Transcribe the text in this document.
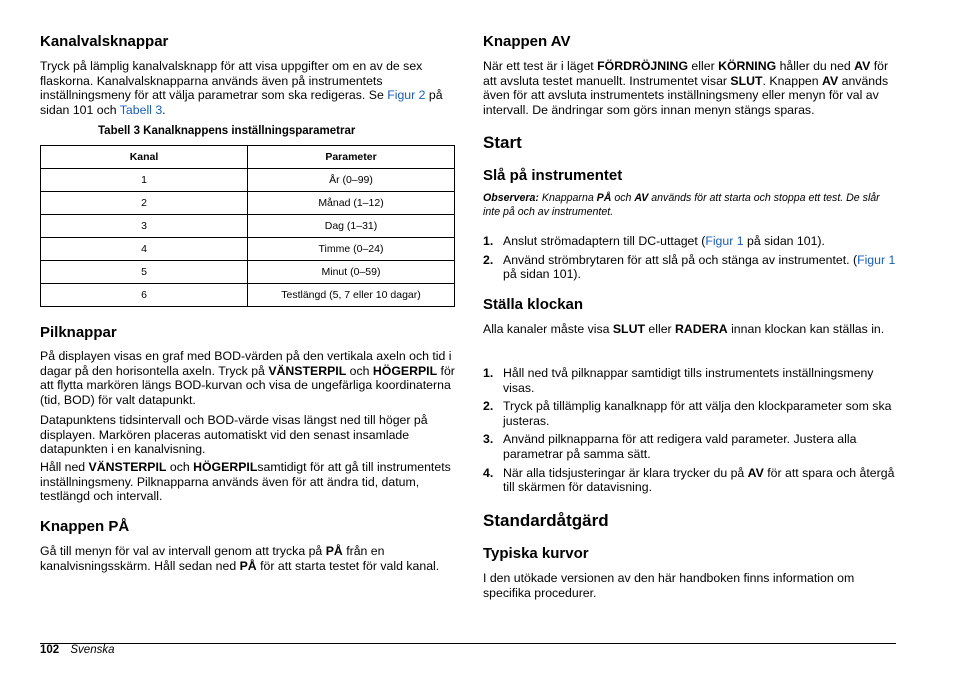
Kanalvalsknappar

Tryck på lämplig kanalvalsknapp för att visa uppgifter om en av de sex flaskorna. Kanalvalsknapparna används även på instrumentets inställningsmeny för att välja parametrar som ska redigeras. Se Figur 2 på sidan 101 och Tabell 3.

Tabell 3 Kanalknappens inställningsparametrar
Kanal	Parameter
1	År (0–99)
2	Månad (1–12)
3	Dag (1–31)
4	Timme (0–24)
5	Minut (0–59)
6	Testlängd (5, 7 eller 10 dagar)
Pilknappar

På displayen visas en graf med BOD-värden på den vertikala axeln och tid i dagar på den horisontella axeln. Tryck på VÄNSTERPIL och HÖGERPIL för att flytta markören längs BOD-kurvan och visa de ungefärliga koordinaterna (tid, BOD) för valt datapunkt.

Datapunktens tidsintervall och BOD-värde visas längst ned till höger på displayen. Markören placeras automatiskt vid den senast insamlade datapunkten i en kanalvisning.

Håll ned VÄNSTERPIL och HÖGERPILsamtidigt för att gå till instrumentets inställningsmeny. Pilknapparna används även för att ändra tid, datum, testlängd och intervall.

Knappen PÅ

Gå till menyn för val av intervall genom att trycka på PÅ från en kanalvisningsskärm. Håll sedan ned PÅ för att starta testet för vald kanal.

Knappen AV

När ett test är i läget FÖRDRÖJNING eller KÖRNING håller du ned AV för att avsluta testet manuellt. Instrumentet visar SLUT. Knappen AV används även för att avsluta instrumentets inställningsmeny eller menyn för val av intervall. De ändringar som görs innan menyn stängs sparas.

Start
Slå på instrumentet

Observera: Knapparna PÅ och AV används för att starta och stoppa ett test. De slår inte på och av instrumentet.

1. Anslut strömadaptern till DC-uttaget (Figur 1 på sidan 101).
2. Använd strömbrytaren för att slå på och stänga av instrumentet. (Figur 1 på sidan 101).
Ställa klockan

Alla kanaler måste visa SLUT eller RADERA innan klockan kan ställas in.

1. Håll ned två pilknappar samtidigt tills instrumentets inställningsmeny visas.
2. Tryck på tillämplig kanalknapp för att välja den klockparameter som ska justeras.
3. Använd pilknapparna för att redigera vald parameter. Justera alla parametrar på samma sätt.
4. När alla tidsjusteringar är klara trycker du på AV för att spara och återgå till skärmen för datavisning.
Standardåtgärd
Typiska kurvor

I den utökade versionen av den här handboken finns information om specifika procedurer.

102 Svenska
